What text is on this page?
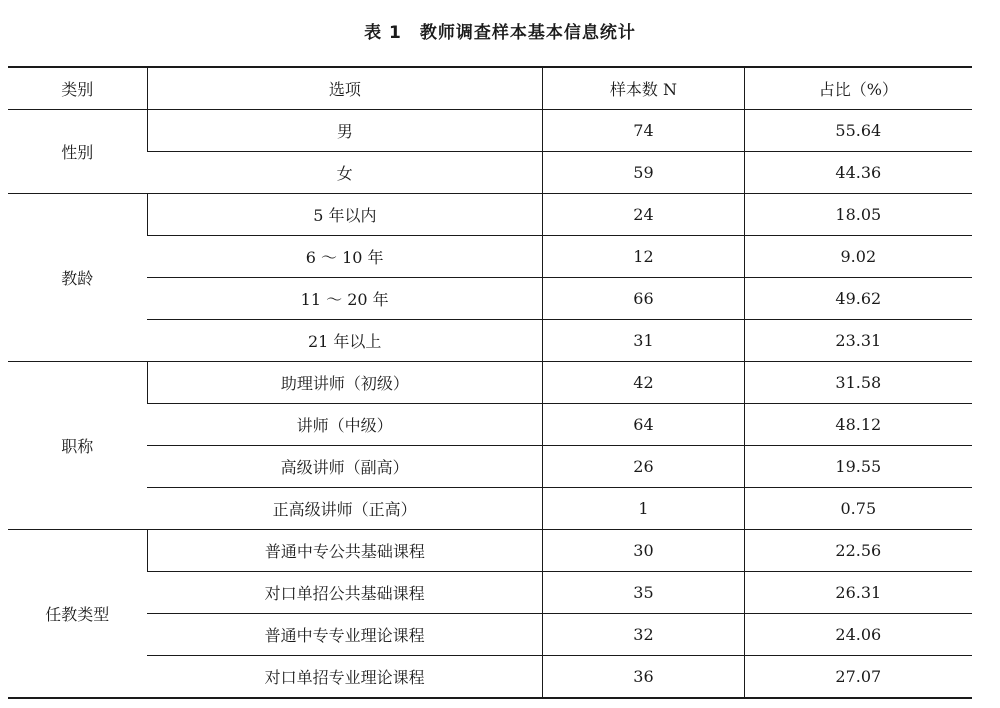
表 1 教师调查样本基本信息统计
类别	选项	样本数 N	占比（%）
性别	男	74	55.64
	女	59	44.36
教龄	5 年以内	24	18.05
	6 ～ 10 年	12	9.02
	11 ～ 20 年	66	49.62
	21 年以上	31	23.31
职称	助理讲师（初级）	42	31.58
	讲师（中级）	64	48.12
	高级讲师（副高）	26	19.55
	正高级讲师（正高）	1	0.75
任教类型	普通中专公共基础课程	30	22.56
	对口单招公共基础课程	35	26.31
	普通中专专业理论课程	32	24.06
	对口单招专业理论课程	36	27.07
